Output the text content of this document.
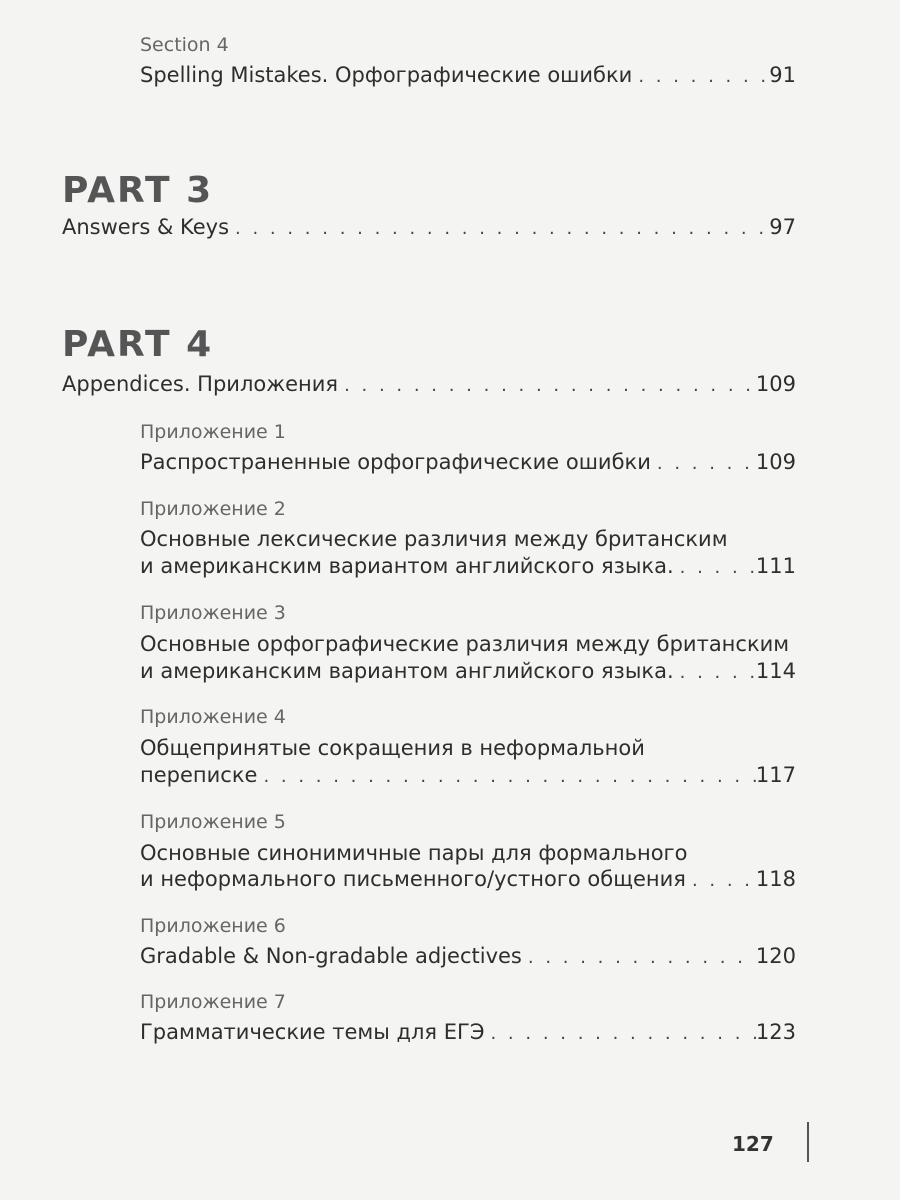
Section 4
Spelling Mistakes. Орфографические ошибки . . .	91
PART 3
Answers & Keys . . .	97
PART 4
Appendices. Приложения . . .	109
Приложение 1
Распространенные орфографические ошибки . . .	109
Приложение 2
Основные лексические различия между британским
и американским вариантом английского языка. . . .	111
Приложение 3
Основные орфографические различия между британским
и американским вариантом английского языка. . . .	114
Приложение 4
Общепринятые сокращения в неформальной
переписке . . .	117
Приложение 5
Основные синонимичные пары для формального
и неформального письменного/устного общения . . .	118
Приложение 6
Gradable & Non-gradable adjectives . . .	120
Приложение 7
Грамматические темы для ЕГЭ . . .	123
127
